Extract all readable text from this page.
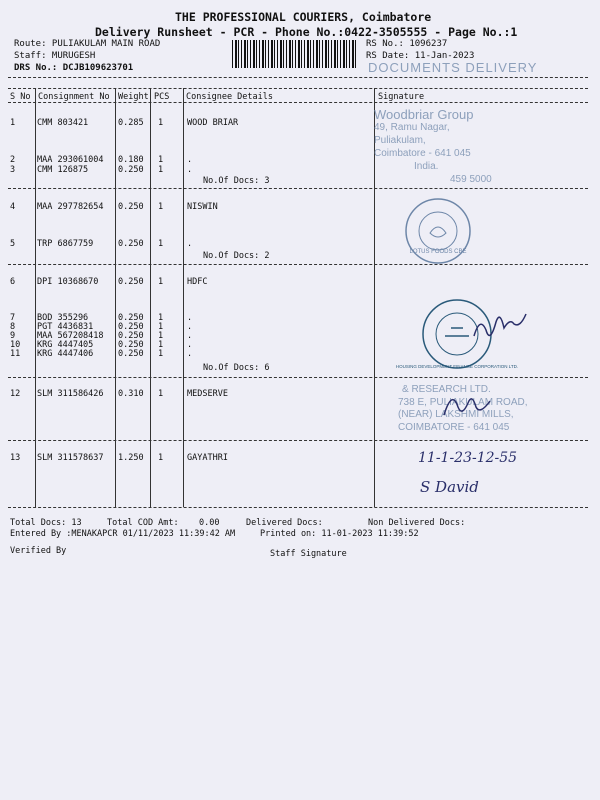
THE PROFESSIONAL COURIERS, Coimbatore
Delivery Runsheet - PCR - Phone No.:0422-3505555 - Page No.:1
Route: PULIAKULAM MAIN ROAD
Staff: MURUGESH
DRS No.: DCJB109623701
RS No.: 1096237
RS Date: 11-Jan-2023
DOCUMENTS DELIVERY
S No Consignment No Weight PCS Consignee Details	Signature
1	CMM 803421	0.285 1	WOOD BRIAR
2	MAA 293061004 0.180 1	.
3	CMM 126875	0.250 1	.
No.Of Docs: 3
4	MAA 297782654 0.250 1	NISWIN
5	TRP 6867759	0.250 1	.
No.Of Docs: 2
6	DPI 10368670 0.250 1	HDFC
7	BOD 355296	0.250 1	.
8	PGT 4436831	0.250 1	.
9	MAA 567208418 0.250 1	.
10 KRG 4447405	0.250 1	.
11 KRG 4447406	0.250 1	.
No.Of Docs: 6
12 SLM 311586426 0.310 1	MEDSERVE
13 SLM 311578637 1.250 1	GAYATHRI
Woodbriar Group
49, Ramu Nagar,
Puliakulam,
Coimbatore - 641 045
India.
459 5000
LOTUS FOODS CBE
HOUSING DEVELOPMENT FINANCE CORPORATION LTD.
& RESEARCH LTD.
738 E, PULIAKULAM ROAD,
(NEAR) LAKSHMI MILLS,
COIMBATORE - 641 045
11-1-23-12-55
S David
Total Docs: 13	Total COD Amt: 0.00	Delivered Docs:	Non Delivered Docs:
Entered By :MENAKAPCR 01/11/2023 11:39:42 AM	Printed on: 11-01-2023 11:39:52
Verified By	Staff Signature
